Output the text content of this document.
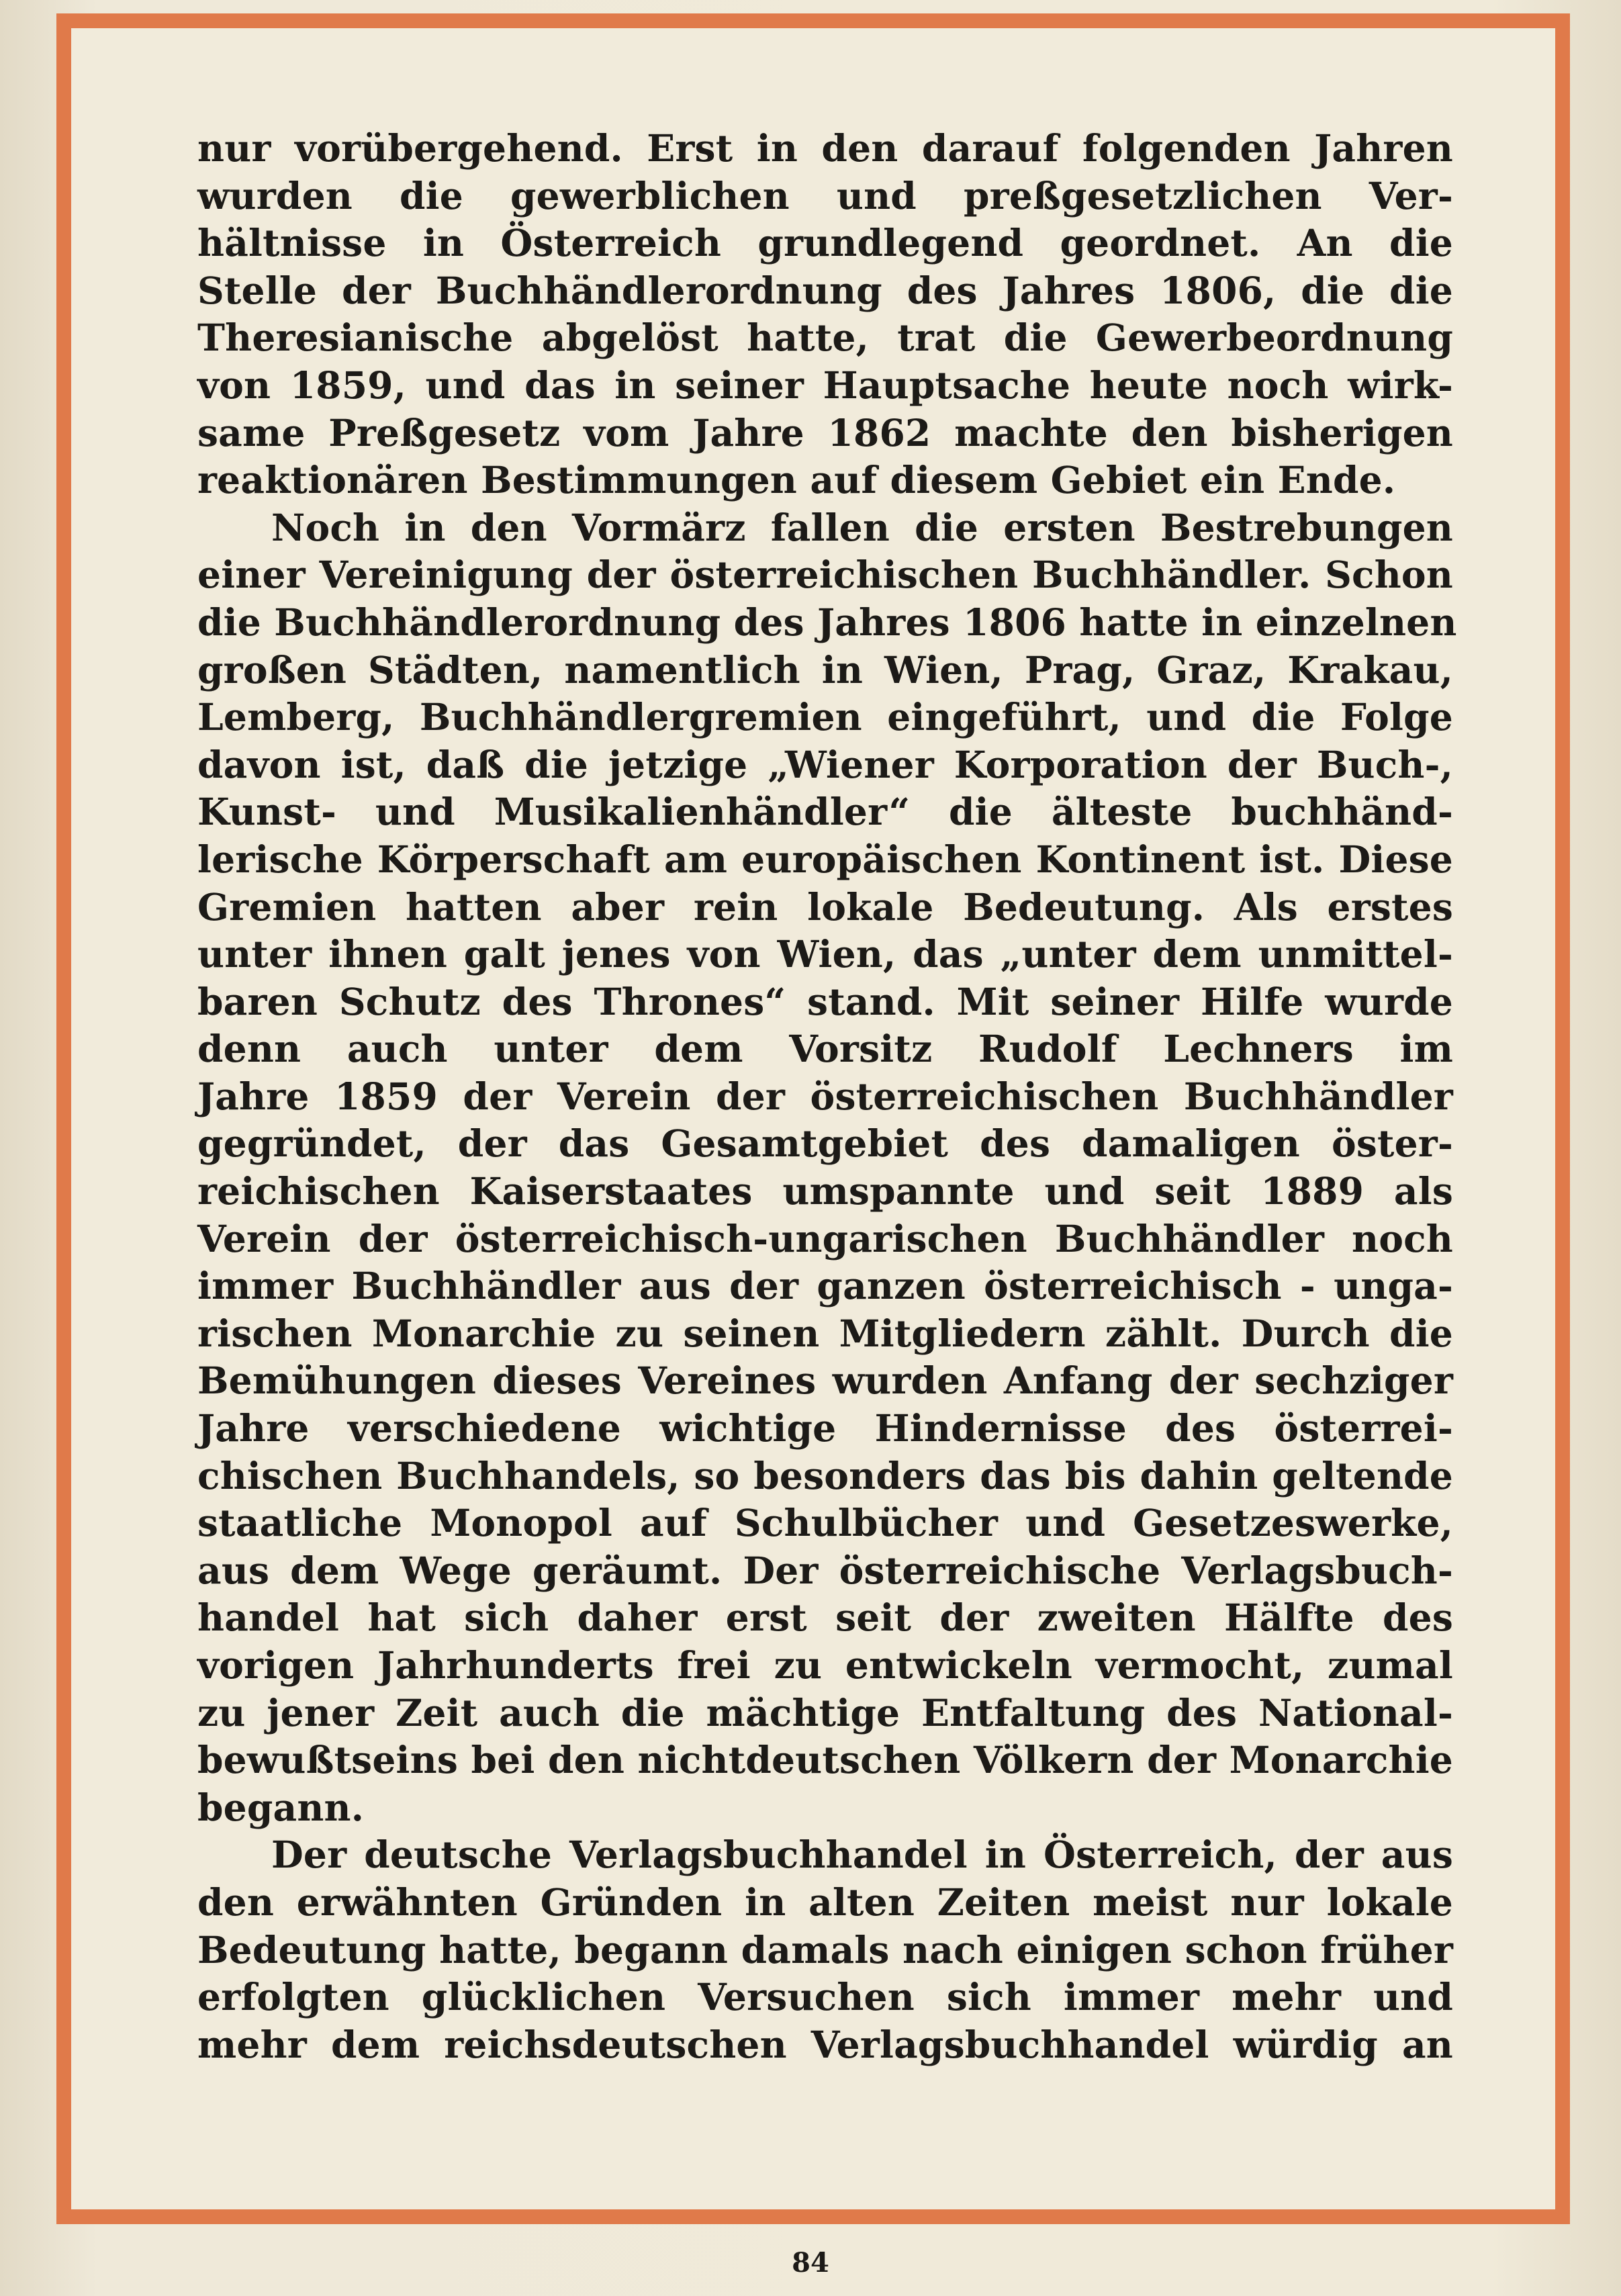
nur vorübergehend. Erst in den darauf folgenden Jahren
wurden die gewerblichen und preßgesetzlichen Ver-
hältnisse in Österreich grundlegend geordnet. An die
Stelle der Buchhändlerordnung des Jahres 1806, die die
Theresianische abgelöst hatte, trat die Gewerbeordnung
von 1859, und das in seiner Hauptsache heute noch wirk-
same Preßgesetz vom Jahre 1862 machte den bisherigen
reaktionären Bestimmungen auf diesem Gebiet ein Ende.
Noch in den Vormärz fallen die ersten Bestrebungen
einer Vereinigung der österreichischen Buchhändler. Schon
die Buchhändlerordnung des Jahres 1806 hatte in einzelnen
großen Städten, namentlich in Wien, Prag, Graz, Krakau,
Lemberg, Buchhändlergremien eingeführt, und die Folge
davon ist, daß die jetzige „Wiener Korporation der Buch-,
Kunst- und Musikalienhändler“ die älteste buchhänd-
lerische Körperschaft am europäischen Kontinent ist. Diese
Gremien hatten aber rein lokale Bedeutung. Als erstes
unter ihnen galt jenes von Wien, das „unter dem unmittel-
baren Schutz des Thrones“ stand. Mit seiner Hilfe wurde
denn auch unter dem Vorsitz Rudolf Lechners im
Jahre 1859 der Verein der österreichischen Buchhändler
gegründet, der das Gesamtgebiet des damaligen öster-
reichischen Kaiserstaates umspannte und seit 1889 als
Verein der österreichisch-ungarischen Buchhändler noch
immer Buchhändler aus der ganzen österreichisch - unga-
rischen Monarchie zu seinen Mitgliedern zählt. Durch die
Bemühungen dieses Vereines wurden Anfang der sechziger
Jahre verschiedene wichtige Hindernisse des österrei-
chischen Buchhandels, so besonders das bis dahin geltende
staatliche Monopol auf Schulbücher und Gesetzeswerke,
aus dem Wege geräumt. Der österreichische Verlagsbuch-
handel hat sich daher erst seit der zweiten Hälfte des
vorigen Jahrhunderts frei zu entwickeln vermocht, zumal
zu jener Zeit auch die mächtige Entfaltung des National-
bewußtseins bei den nichtdeutschen Völkern der Monarchie
begann.
Der deutsche Verlagsbuchhandel in Österreich, der aus
den erwähnten Gründen in alten Zeiten meist nur lokale
Bedeutung hatte, begann damals nach einigen schon früher
erfolgten glücklichen Versuchen sich immer mehr und
mehr dem reichsdeutschen Verlagsbuchhandel würdig an
84
